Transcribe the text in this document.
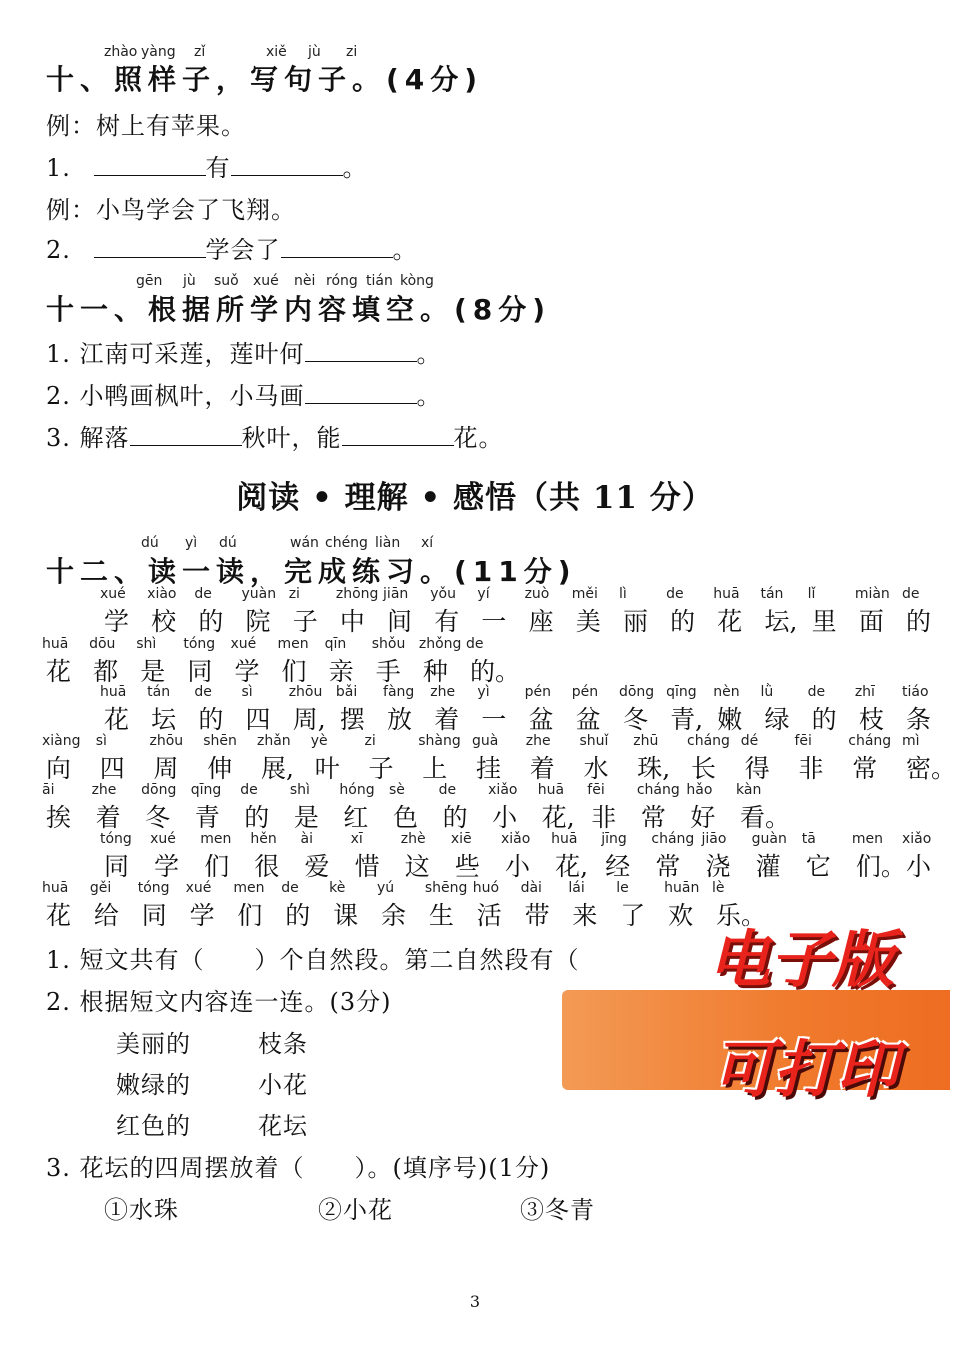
zhào yàng zǐ	xiě jù zi
十、照样子，写句子。(4分)
例：树上有苹果。
1.	有	。
例：小鸟学会了飞翔。
2.	学会了	。
gēn jù suǒ xué nèi róng tián kòng
十一、根据所学内容填空。(8分)
1. 江南可采莲，莲叶何	。
2. 小鸭画枫叶，小马画	。
3. 解落	秋叶，能	花。
阅读 • 理解 • 感悟（共 11 分）
dú yì dú	wán chéng liàn xí
十二、读一读，完成练习。(11分)
xué
学
xiào
校
de
的
yuàn
院
zi
子
zhōng
中
jiān
间
yǒu
有
yí
一
zuò
座
měi
美
lì
丽
de
的
huā
花
tán
坛,
lǐ
里
miàn
面
de
的
huā
花
dōu
都
shì
是
tóng
同
xué
学
men
们
qīn
亲
shǒu
手
zhǒng
种
de
的。
huā
花
tán
坛
de
的
sì
四
zhōu
周,
bǎi
摆
fàng
放
zhe
着
yì
一
pén
盆
pén
盆
dōng
冬
qīng
青,
nèn
嫩
lǜ
绿
de
的
zhī
枝
tiáo
条
xiàng
向
sì
四
zhōu
周
shēn
伸
zhǎn
展,
yè
叶
zi
子
shàng
上
guà
挂
zhe
着
shuǐ
水
zhū
珠,
cháng
长
dé
得
fēi
非
cháng
常
mì
密。
āi
挨
zhe
着
dōng
冬
qīng
青
de
的
shì
是
hóng
红
sè
色
de
的
xiǎo
小
huā
花,
fēi
非
cháng
常
hǎo
好
kàn
看。
tóng
同
xué
学
men
们
hěn
很
ài
爱
xī
惜
zhè
这
xiē
些
xiǎo
小
huā
花,
jīng
经
cháng
常
jiāo
浇
guàn
灌
tā
它
men
们。
xiǎo
小
huā
花
gěi
给
tóng
同
xué
学
men
们
de
的
kè
课
yú
余
shēng
生
huó
活
dài
带
lái
来
le
了
huān
欢
lè
乐。
1. 短文共有（　　）个自然段。第二自然段有（
2. 根据短文内容连一连。(3分)
美丽的	枝条
嫩绿的	小花
红色的	花坛
3. 花坛的四周摆放着（　　）。(填序号)(1分)
①水珠	②小花	③冬青
电子版
可打印
3
